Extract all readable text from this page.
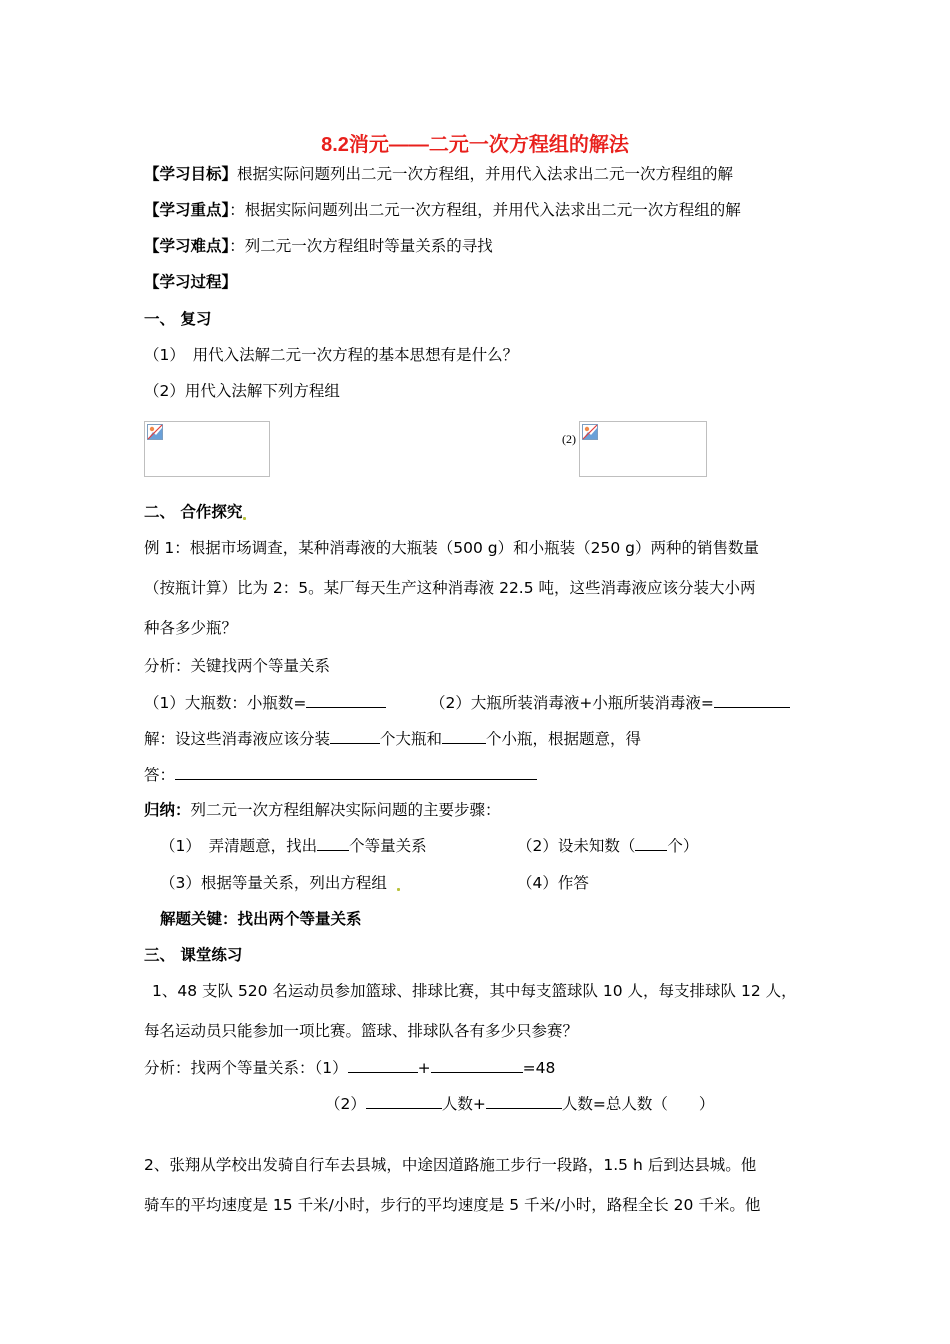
8.2消元——二元一次方程组的解法
【学习目标】根据实际问题列出二元一次方程组，并用代入法求出二元一次方程组的解
【学习重点】：根据实际问题列出二元一次方程组，并用代入法求出二元一次方程组的解
【学习难点】：列二元一次方程组时等量关系的寻找
【学习过程】
一、 复习
（1）　用代入法解二元一次方程的基本思想有是什么？
（2）用代入法解下列方程组
(2)
二、 合作探究
例 1：根据市场调查，某种消毒液的大瓶装（500 g）和小瓶装（250 g）两种的销售数量
（按瓶计算）比为 2：5。某厂每天生产这种消毒液 22.5 吨，这些消毒液应该分装大小两
种各多少瓶？
分析：关键找两个等量关系
（1）大瓶数：小瓶数=	（2）大瓶所装消毒液+小瓶所装消毒液=
解：设这些消毒液应该分装	个大瓶和	个小瓶，根据题意，得
答：
归纳：列二元一次方程组解决实际问题的主要步骤：
（1）　弄清题意，找出 个等量关系	（2）设未知数（ 个）
（3）根据等量关系，列出方程组	（4）作答
解题关键：找出两个等量关系
三、 课堂练习
1、48 支队 520 名运动员参加篮球、排球比赛，其中每支篮球队 10 人，每支排球队 12 人，
每名运动员只能参加一项比赛。篮球、排球队各有多少只参赛？
分析：找两个等量关系：（1）	+	=48
（2）	人数+	人数=总人数（　　）
2、张翔从学校出发骑自行车去县城，中途因道路施工步行一段路，1.5 h 后到达县城。他
骑车的平均速度是 15 千米/小时，步行的平均速度是 5 千米/小时，路程全长 20 千米。他
